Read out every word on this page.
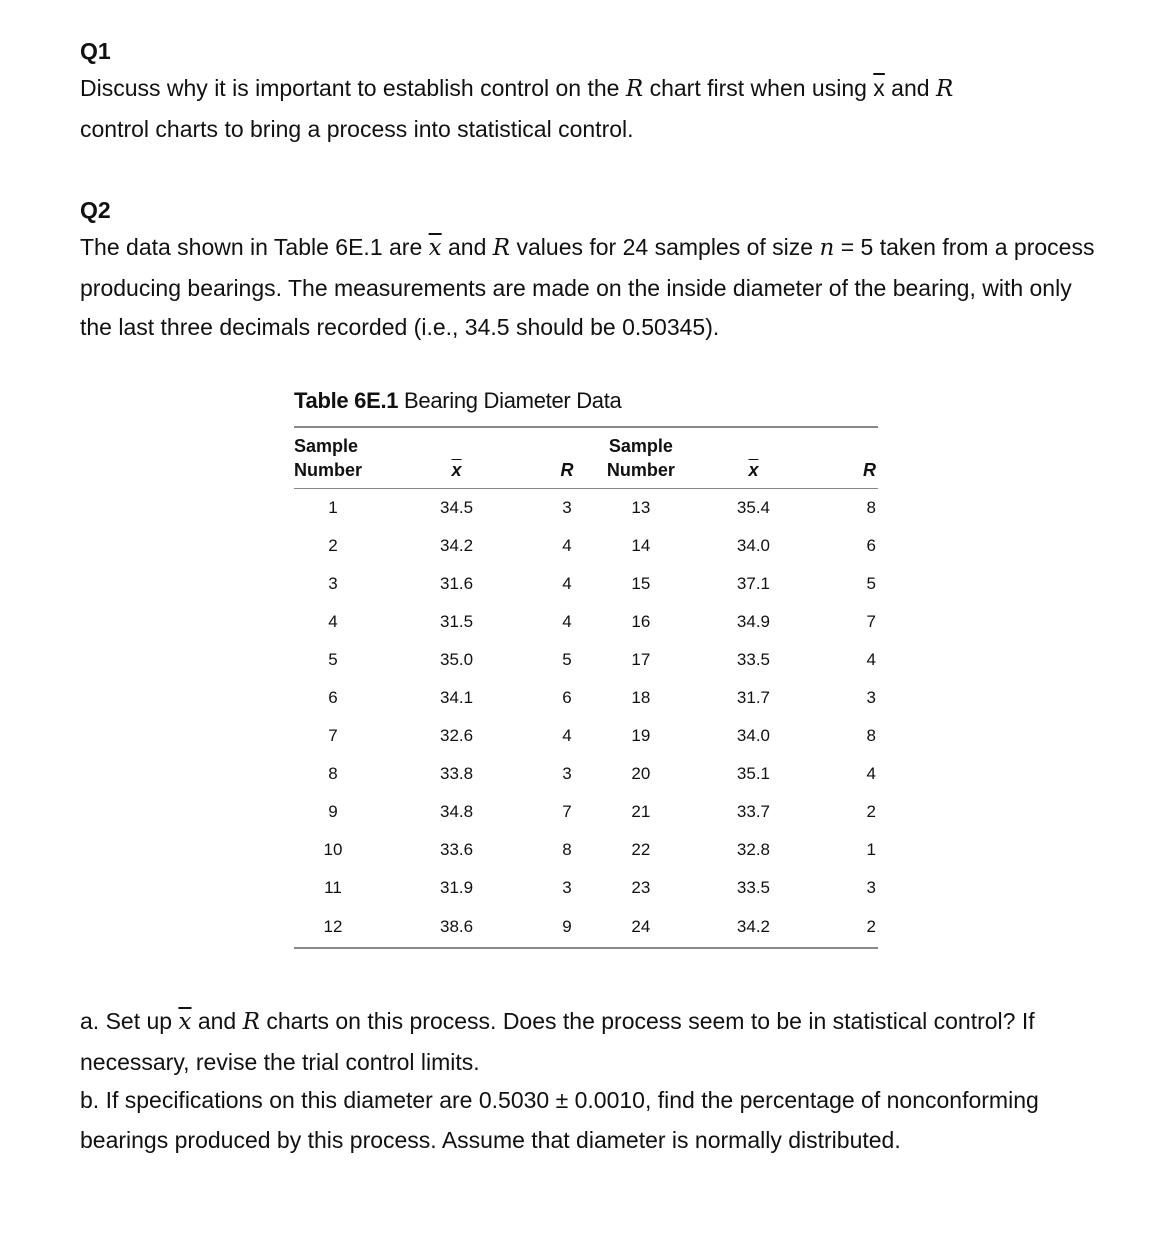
Q1

Discuss why it is important to establish control on the R chart first when using $\overline{x}$ and R
control charts to bring a process into statistical control.

Q2

The data shown in Table 6E.1 are $\overline{x}$ and R values for 24 samples of size n = 5 taken from a process producing bearings. The measurements are made on the inside diameter of the bearing, with only the last three decimals recorded (i.e., 34.5 should be 0.50345).

Table 6E.1 Bearing Diameter Data

Sample
Number	$\overline{x}$	R	Sample
Number	$\overline{x}$	R
1	34.5	3	13	35.4	8
2	34.2	4	14	34.0	6
3	31.6	4	15	37.1	5
4	31.5	4	16	34.9	7
5	35.0	5	17	33.5	4
6	34.1	6	18	31.7	3
7	32.6	4	19	34.0	8
8	33.8	3	20	35.1	4
9	34.8	7	21	33.7	2
10	33.6	8	22	32.8	1
11	31.9	3	23	33.5	3
12	38.6	9	24	34.2	2

a. Set up $\overline{x}$ and R charts on this process. Does the process seem to be in statistical control? If necessary, revise the trial control limits.

b. If specifications on this diameter are 0.5030 ± 0.0010, find the percentage of nonconforming bearings produced by this process. Assume that diameter is normally distributed.
